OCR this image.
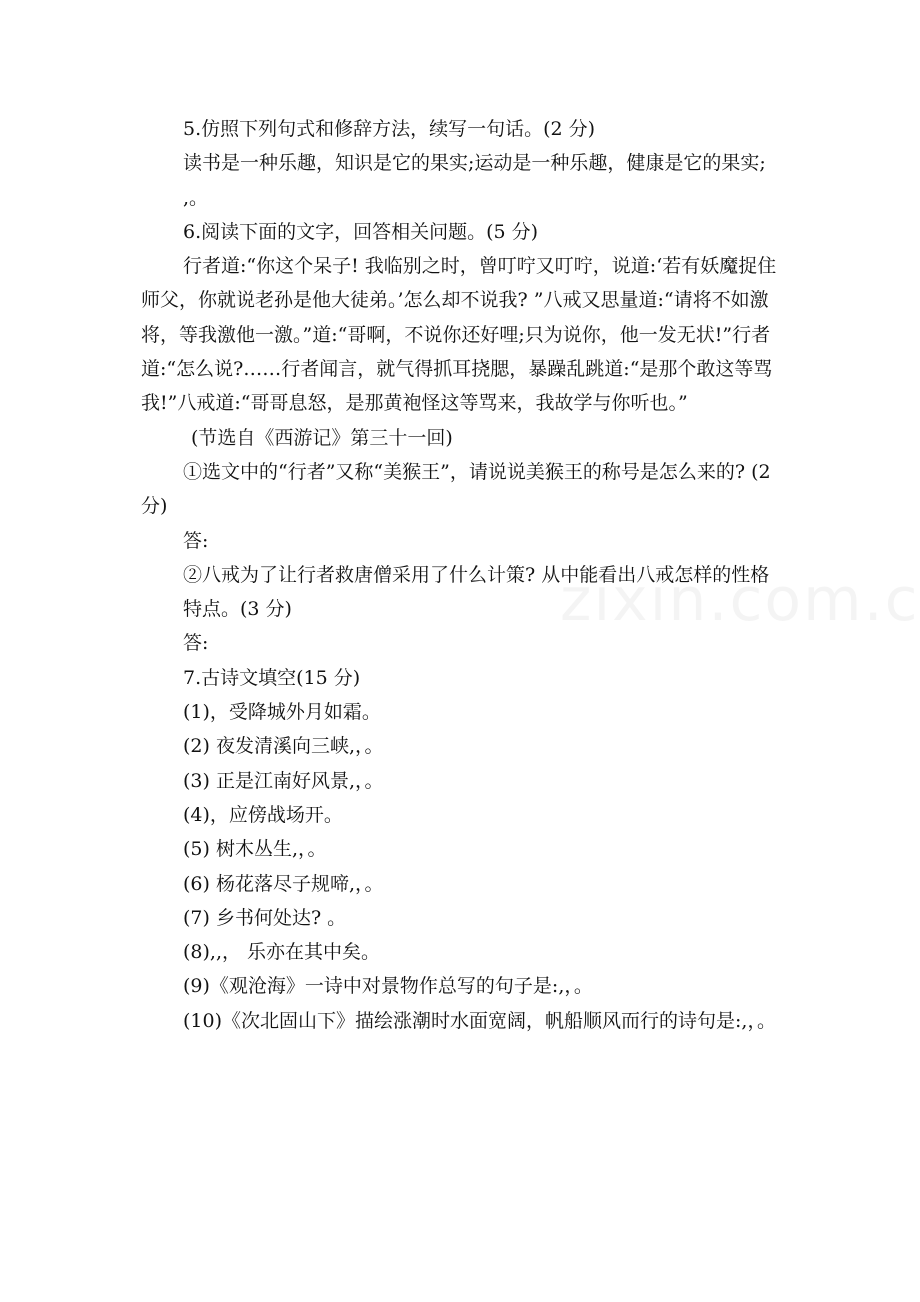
5.仿照下列句式和修辞方法，续写一句话。(2 分)

读书是一种乐趣，知识是它的果实;运动是一种乐趣，健康是它的果实;

,。

6.阅读下面的文字，回答相关问题。(5 分)

行者道:“你这个呆子! 我临别之时，曾叮咛又叮咛，说道:‘若有妖魔捉住师父，你就说老孙是他大徒弟。’怎么却不说我? ”八戒又思量道:“请将不如激将，等我激他一激。”道:“哥啊，不说你还好哩;只为说你，他一发无状!”行者道:“怎么说?……行者闻言，就气得抓耳挠腮，暴躁乱跳道:“是那个敢这等骂我!”八戒道:“哥哥息怒，是那黄袍怪这等骂来，我故学与你听也。”

(节选自《西游记》第三十一回)

①选文中的“行者”又称“美猴王”，请说说美猴王的称号是怎么来的? (2 分)

答:

②八戒为了让行者救唐僧采用了什么计策? 从中能看出八戒怎样的性格

特点。(3 分)

答:

7.古诗文填空(15 分)

(1)，受降城外月如霜。

(2) 夜发清溪向三峡,，。

(3) 正是江南好风景,，。

(4)，应傍战场开。

(5) 树木丛生,，。

(6) 杨花落尽子规啼,，。

(7) 乡书何处达? 。

(8),,， 乐亦在其中矣。

(9)《观沧海》一诗中对景物作总写的句子是:,，。

(10)《次北固山下》描绘涨潮时水面宽阔，帆船顺风而行的诗句是:,，。
